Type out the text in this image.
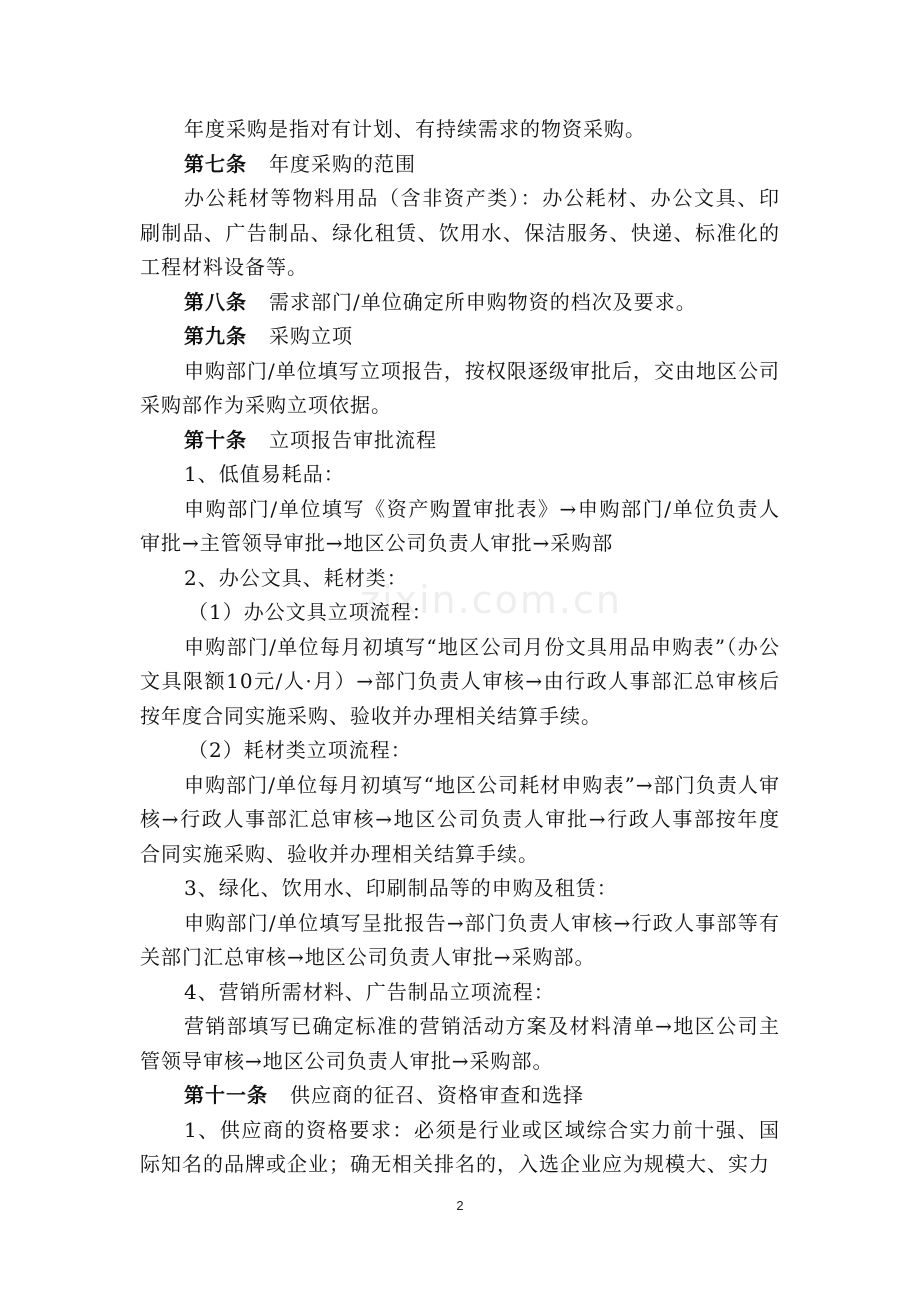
zixin.com.cn

年度采购是指对有计划、有持续需求的物资采购。

第七条 年度采购的范围

办公耗材等物料用品（含非资产类）：办公耗材、办公文具、印刷制品、广告制品、绿化租赁、饮用水、保洁服务、快递、标准化的工程材料设备等。

第八条 需求部门/单位确定所申购物资的档次及要求。

第九条 采购立项

申购部门/单位填写立项报告，按权限逐级审批后，交由地区公司采购部作为采购立项依据。

第十条 立项报告审批流程

1、低值易耗品：

申购部门/单位填写《资产购置审批表》→申购部门/单位负责人审批→主管领导审批→地区公司负责人审批→采购部

2、办公文具、耗材类：

（1）办公文具立项流程：

申购部门/单位每月初填写“地区公司月份文具用品申购表”（办公文具限额10元/人·月）→部门负责人审核→由行政人事部汇总审核后按年度合同实施采购、验收并办理相关结算手续。

（2）耗材类立项流程：

申购部门/单位每月初填写“地区公司耗材申购表”→部门负责人审核→行政人事部汇总审核→地区公司负责人审批→行政人事部按年度合同实施采购、验收并办理相关结算手续。

3、绿化、饮用水、印刷制品等的申购及租赁：

申购部门/单位填写呈批报告→部门负责人审核→行政人事部等有关部门汇总审核→地区公司负责人审批→采购部。

4、营销所需材料、广告制品立项流程：

营销部填写已确定标准的营销活动方案及材料清单→地区公司主管领导审核→地区公司负责人审批→采购部。

第十一条 供应商的征召、资格审查和选择

1、供应商的资格要求：必须是行业或区域综合实力前十强、国际知名的品牌或企业；确无相关排名的，入选企业应为规模大、实力

2
